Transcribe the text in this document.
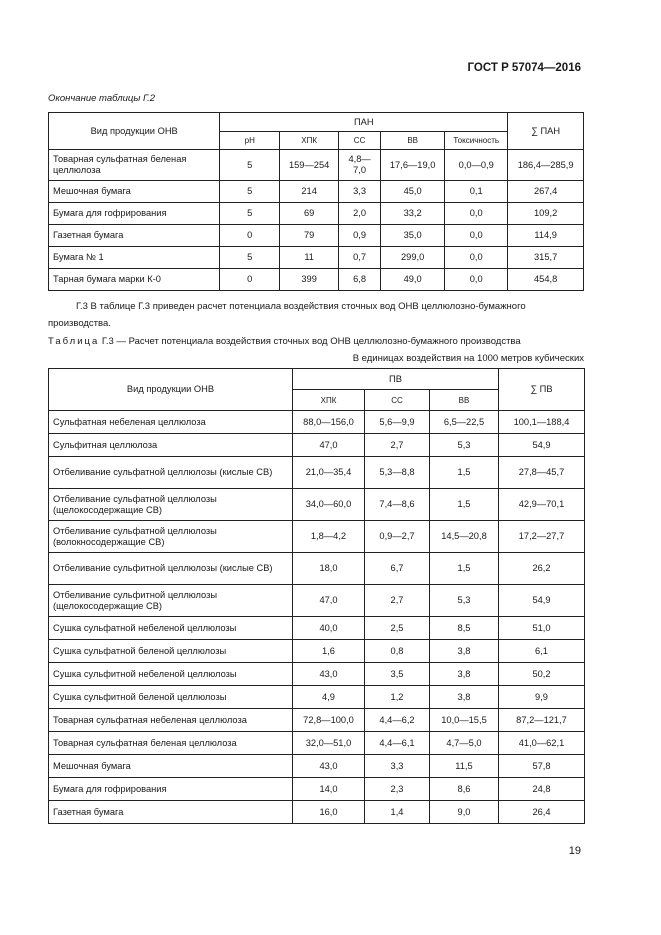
ГОСТ Р 57074—2016
Окончание таблицы Г.2
Вид продукции ОНВ	ПАН					∑ ПАН
	рН	ХПК	СС	ВВ	Токсичность	
Товарная сульфатная беленая целлюлоза	5	159—254	4,8—7,0	17,6—19,0	0,0—0,9	186,4—285,9
Мешочная бумага	5	214	3,3	45,0	0,1	267,4
Бумага для гофрирования	5	69	2,0	33,2	0,0	109,2
Газетная бумага	0	79	0,9	35,0	0,0	114,9
Бумага № 1	5	11	0,7	299,0	0,0	315,7
Тарная бумага марки К-0	0	399	6,8	49,0	0,0	454,8
Г.3 В таблице Г.3 приведен расчет потенциала воздействия сточных вод ОНВ целлюлозно-бумажного производства.
Таблица Г.3 — Расчет потенциала воздействия сточных вод ОНВ целлюлозно-бумажного производства
В единицах воздействия на 1000 метров кубических
Вид продукции ОНВ	ПВ			∑ ПВ
	ХПК	СС	ВВ	
Сульфатная небеленая целлюлоза	88,0—156,0	5,6—9,9	6,5—22,5	100,1—188,4
Сульфитная целлюлоза	47,0	2,7	5,3	54,9
Отбеливание сульфатной целлюлозы (кислые СВ)	21,0—35,4	5,3—8,8	1,5	27,8—45,7
Отбеливание сульфатной целлюлозы (щелокосодержащие СВ)	34,0—60,0	7,4—8,6	1,5	42,9—70,1
Отбеливание сульфатной целлюлозы (волокносодержащие СВ)	1,8—4,2	0,9—2,7	14,5—20,8	17,2—27,7
Отбеливание сульфитной целлюлозы (кислые СВ)	18,0	6,7	1,5	26,2
Отбеливание сульфитной целлюлозы (щелокосодержащие СВ)	47,0	2,7	5,3	54,9
Сушка сульфатной небеленой целлюлозы	40,0	2,5	8,5	51,0
Сушка сульфатной беленой целлюлозы	1,6	0,8	3,8	6,1
Сушка сульфитной небеленой целлюлозы	43,0	3,5	3,8	50,2
Сушка сульфитной беленой целлюлозы	4,9	1,2	3,8	9,9
Товарная сульфатная небеленая целлюлоза	72,8—100,0	4,4—6,2	10,0—15,5	87,2—121,7
Товарная сульфатная беленая целлюлоза	32,0—51,0	4,4—6,1	4,7—5,0	41,0—62,1
Мешочная бумага	43,0	3,3	11,5	57,8
Бумага для гофрирования	14,0	2,3	8,6	24,8
Газетная бумага	16,0	1,4	9,0	26,4
19
